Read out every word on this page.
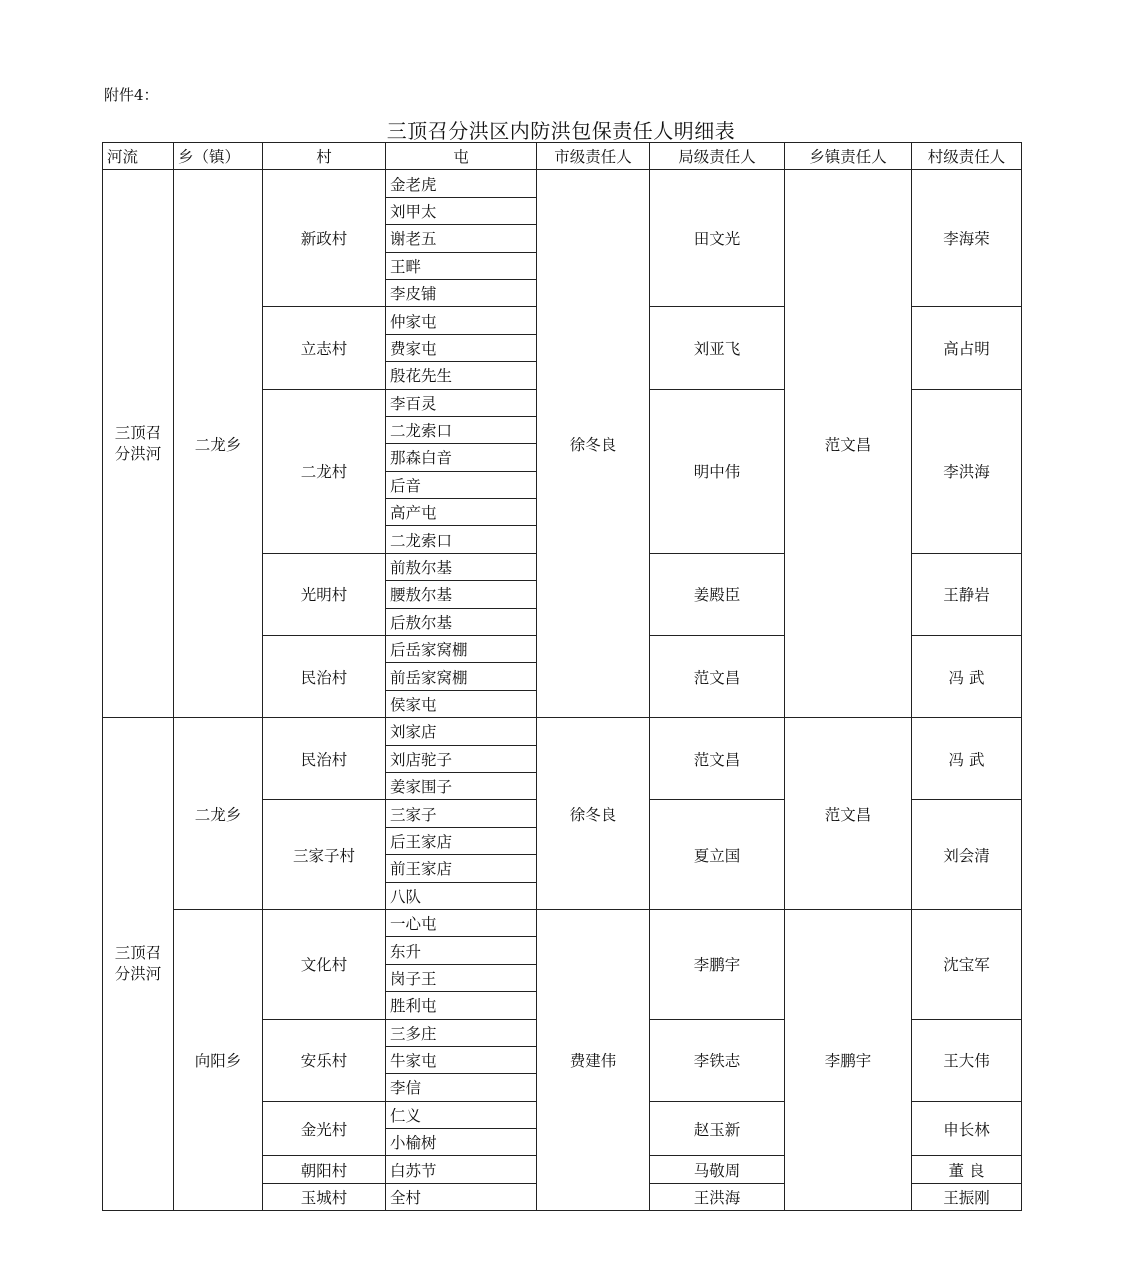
附件4：
三顶召分洪区内防洪包保责任人明细表
河流	乡（镇）	村	屯	市级责任人	局级责任人	乡镇责任人	村级责任人
三顶召
分洪河	二龙乡	新政村	金老虎	徐冬良	田文光	范文昌	李海荣
			刘甲太				
			谢老五				
			王畔				
			李皮铺				
		立志村	仲家屯		刘亚飞		高占明
			费家屯				
			殷花先生				
		二龙村	李百灵		明中伟		李洪海
			二龙索口				
			那森白音				
			后音				
			高产屯				
			二龙索口				
		光明村	前敖尔基		姜殿臣		王静岩
			腰敖尔基				
			后敖尔基				
		民治村	后岳家窝棚		范文昌		冯 武
			前岳家窝棚				
			侯家屯				
三顶召
分洪河	二龙乡	民治村	刘家店	徐冬良	范文昌	范文昌	冯 武
			刘店驼子				
			姜家围子				
		三家子村	三家子		夏立国		刘会清
			后王家店				
			前王家店				
			八队				
	向阳乡	文化村	一心屯	费建伟	李鹏宇	李鹏宇	沈宝军
			东升				
			岗子王				
			胜利屯				
		安乐村	三多庄		李铁志		王大伟
			牛家屯				
			李信				
		金光村	仁义		赵玉新		申长林
			小榆树				
		朝阳村	白苏节		马敬周		董 良
		玉城村	全村		王洪海		王振刚
